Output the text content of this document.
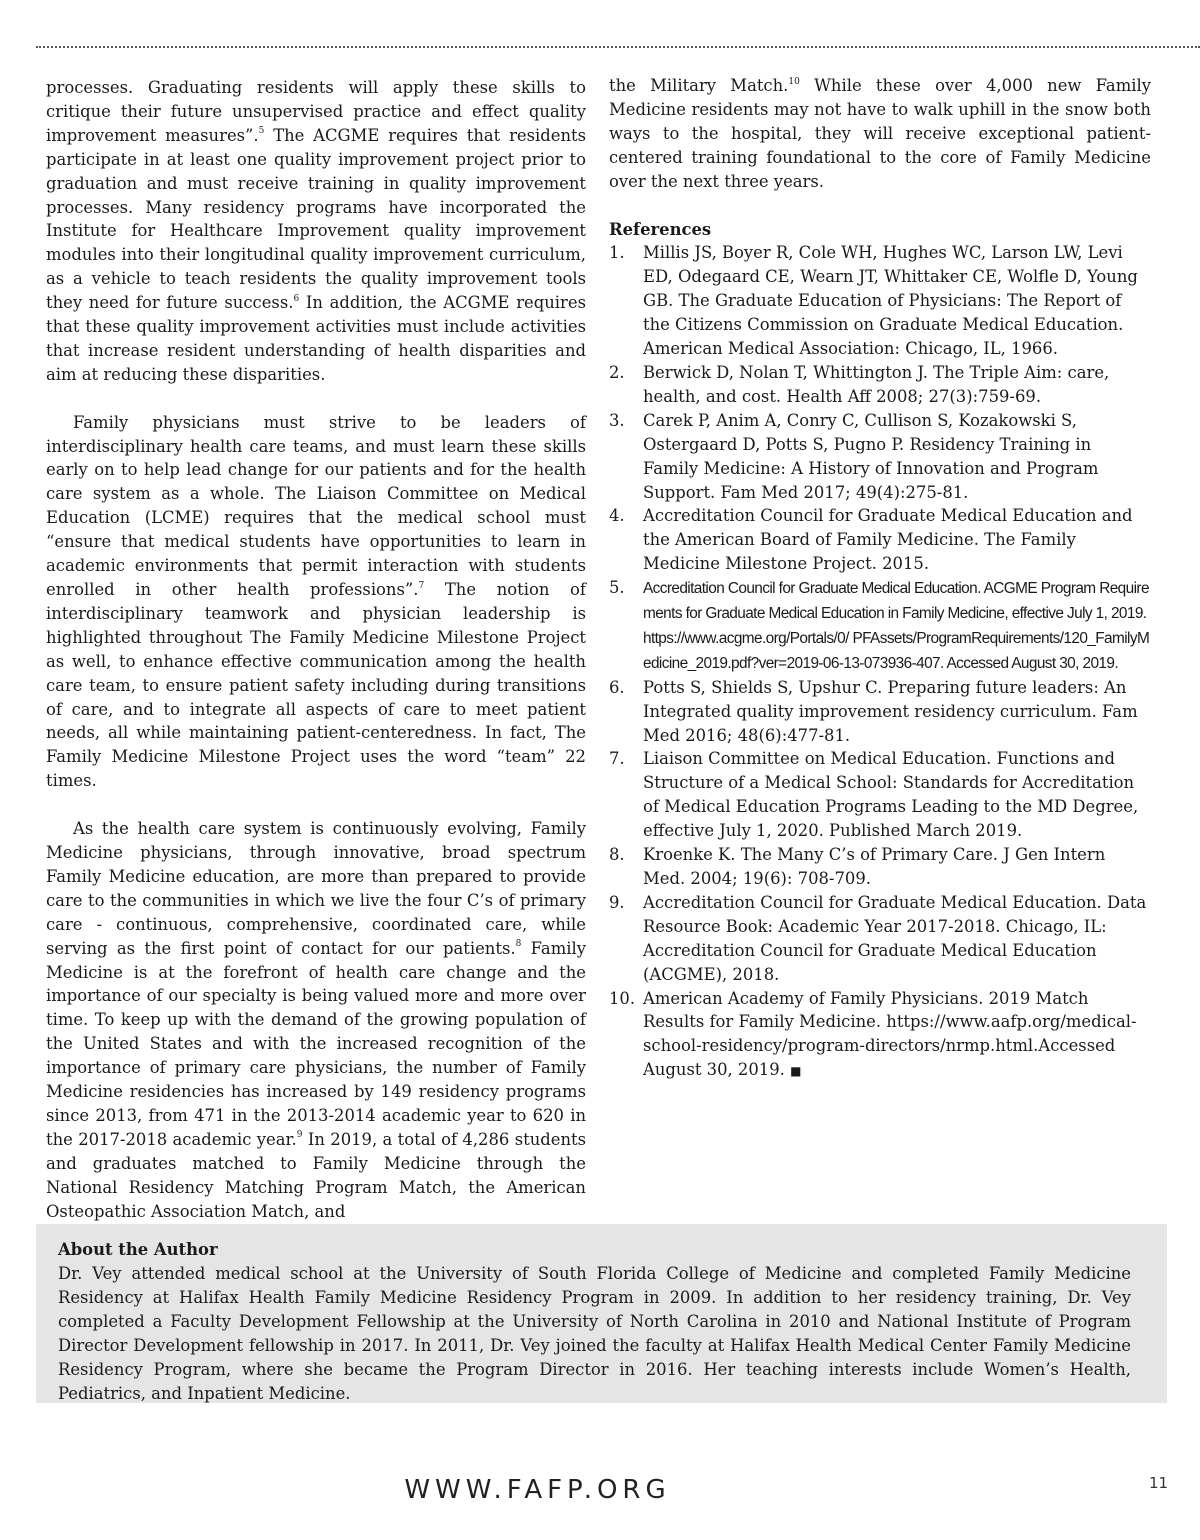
processes. Graduating residents will apply these skills to critique their future unsupervised practice and effect quality improvement measures”.$^5$ The ACGME requires that residents participate in at least one quality improvement project prior to graduation and must receive training in quality improvement processes. Many residency programs have incorporated the Institute for Healthcare Improvement quality improvement modules into their longitudinal quality improvement curriculum, as a vehicle to teach residents the quality improvement tools they need for future success.$^6$ In addition, the ACGME requires that these quality improvement activities must include activities that increase resident understanding of health disparities and aim at reducing these disparities.

Family physicians must strive to be leaders of interdisciplinary health care teams, and must learn these skills early on to help lead change for our patients and for the health care system as a whole. The Liaison Committee on Medical Education (LCME) requires that the medical school must “ensure that medical students have opportunities to learn in academic environments that permit interaction with students enrolled in other health professions”.$^7$ The notion of interdisciplinary teamwork and physician leadership is highlighted throughout The Family Medicine Milestone Project as well, to enhance effective communication among the health care team, to ensure patient safety including during transitions of care, and to integrate all aspects of care to meet patient needs, all while maintaining patient-centeredness. In fact, The Family Medicine Milestone Project uses the word “team” 22 times.

As the health care system is continuously evolving, Family Medicine physicians, through innovative, broad spectrum Family Medicine education, are more than prepared to provide care to the communities in which we live the four C’s of primary care - continuous, comprehensive, coordinated care, while serving as the first point of contact for our patients.$^8$ Family Medicine is at the forefront of health care change and the importance of our specialty is being valued more and more over time. To keep up with the demand of the growing population of the United States and with the increased recognition of the importance of primary care physicians, the number of Family Medicine residencies has increased by 149 residency programs since 2013, from 471 in the 2013-2014 academic year to 620 in the 2017-2018 academic year.$^9$ In 2019, a total of 4,286 students and graduates matched to Family Medicine through the National Residency Matching Program Match, the American Osteopathic Association Match, and

the Military Match.$^{10}$ While these over 4,000 new Family Medicine residents may not have to walk uphill in the snow both ways to the hospital, they will receive exceptional patient-centered training foundational to the core of Family Medicine over the next three years.

References
1.	Millis JS, Boyer R, Cole WH, Hughes WC, Larson LW, Levi ED, Odegaard CE, Wearn JT, Whittaker CE, Wolfle D, Young GB. The Graduate Education of Physicians: The Report of the Citizens Commission on Graduate Medical Education. American Medical Association: Chicago, IL, 1966.
2.	Berwick D, Nolan T, Whittington J. The Triple Aim: care, health, and cost. Health Aff 2008; 27(3):759-69.
3.	Carek P, Anim A, Conry C, Cullison S, Kozakowski S, Ostergaard D, Potts S, Pugno P. Residency Training in Family Medicine: A History of Innovation and Program Support. Fam Med 2017; 49(4):275-81.
4.	Accreditation Council for Graduate Medical Education and the American Board of Family Medicine. The Family Medicine Milestone Project. 2015.
5.	Accreditation Council for Graduate Medical Education. ACGME Program Requirements for Graduate Medical Education in Family Medicine, effective July 1, 2019.https://www.acgme.org/Portals/0/ PFAssets/ProgramRequirements/120_FamilyMedicine_2019.pdf?ver=2019-06-13-073936-407. Accessed August 30, 2019.
6.	Potts S, Shields S, Upshur C. Preparing future leaders: An Integrated quality improvement residency curriculum. Fam Med 2016; 48(6):477-81.
7.	Liaison Committee on Medical Education. Functions and Structure of a Medical School: Standards for Accreditation of Medical Education Programs Leading to the MD Degree, effective July 1, 2020. Published March 2019.
8.	Kroenke K. The Many C’s of Primary Care. J Gen Intern Med. 2004; 19(6): 708-709.
9.	Accreditation Council for Graduate Medical Education. Data Resource Book: Academic Year 2017-2018. Chicago, IL: Accreditation Council for Graduate Medical Education (ACGME), 2018.
10. American Academy of Family Physicians. 2019 Match Results for Family Medicine. https://www.aafp.org/medical-school-residency/program-directors/nrmp.html.Accessed August 30, 2019. ■
About the Author
Dr. Vey attended medical school at the University of South Florida College of Medicine and completed Family Medicine Residency at Halifax Health Family Medicine Residency Program in 2009. In addition to her residency training, Dr. Vey completed a Faculty Development Fellowship at the University of North Carolina in 2010 and National Institute of Program Director Development fellowship in 2017. In 2011, Dr. Vey joined the faculty at Halifax Health Medical Center Family Medicine Residency Program, where she became the Program Director in 2016. Her teaching interests include Women’s Health, Pediatrics, and Inpatient Medicine.
WWW.FAFP.ORG	11
